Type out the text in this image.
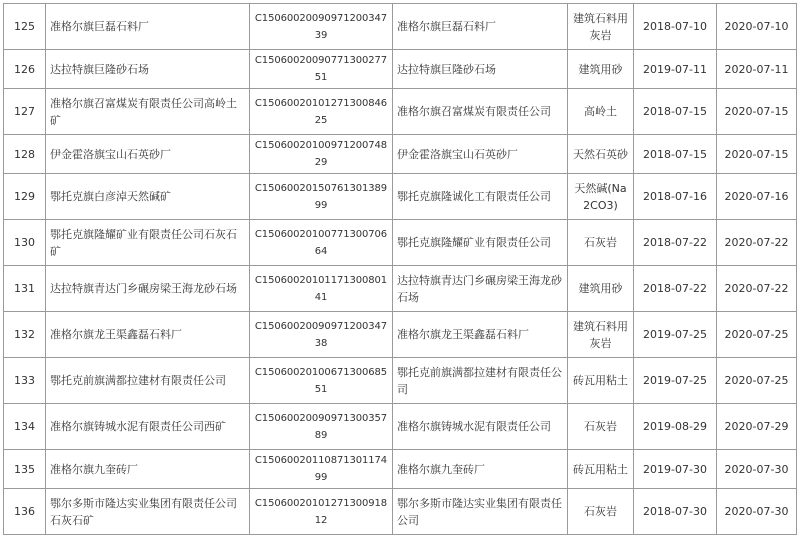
125	准格尔旗巨磊石料厂	C1506002009097120034739	准格尔旗巨磊石料厂	建筑石料用灰岩	2018-07-10	2020-07-10
126	达拉特旗巨隆砂石场	C1506002009077130027751	达拉特旗巨隆砂石场	建筑用砂	2019-07-11	2020-07-11
127	准格尔旗召富煤炭有限责任公司高岭土矿	C1506002010127130084625	准格尔旗召富煤炭有限责任公司	高岭土	2018-07-15	2020-07-15
128	伊金霍洛旗宝山石英砂厂	C1506002010097120074829	伊金霍洛旗宝山石英砂厂	天然石英砂	2018-07-15	2020-07-15
129	鄂托克旗白彦淖天然碱矿	C1506002015076130138999	鄂托克旗隆诚化工有限责任公司	天然碱(Na2CO3)	2018-07-16	2020-07-16
130	鄂托克旗隆耀矿业有限责任公司石灰石矿	C1506002010077130070664	鄂托克旗隆耀矿业有限责任公司	石灰岩	2018-07-22	2020-07-22
131	达拉特旗青达门乡碾房梁王海龙砂石场	C1506002010117130080141	达拉特旗青达门乡碾房梁王海龙砂石场	建筑用砂	2018-07-22	2020-07-22
132	准格尔旗龙王渠鑫磊石料厂	C1506002009097120034738	准格尔旗龙王渠鑫磊石料厂	建筑石料用灰岩	2019-07-25	2020-07-25
133	鄂托克前旗满都拉建材有限责任公司	C1506002010067130068551	鄂托克前旗满都拉建材有限责任公司	砖瓦用粘土	2019-07-25	2020-07-25
134	准格尔旗铸城水泥有限责任公司西矿	C1506002009097130035789	准格尔旗铸城水泥有限责任公司	石灰岩	2019-08-29	2020-07-29
135	准格尔旗九奎砖厂	C1506002011087130117499	准格尔旗九奎砖厂	砖瓦用粘土	2019-07-30	2020-07-30
136	鄂尔多斯市隆达实业集团有限责任公司石灰石矿	C1506002010127130091812	鄂尔多斯市隆达实业集团有限责任公司	石灰岩	2018-07-30	2020-07-30
